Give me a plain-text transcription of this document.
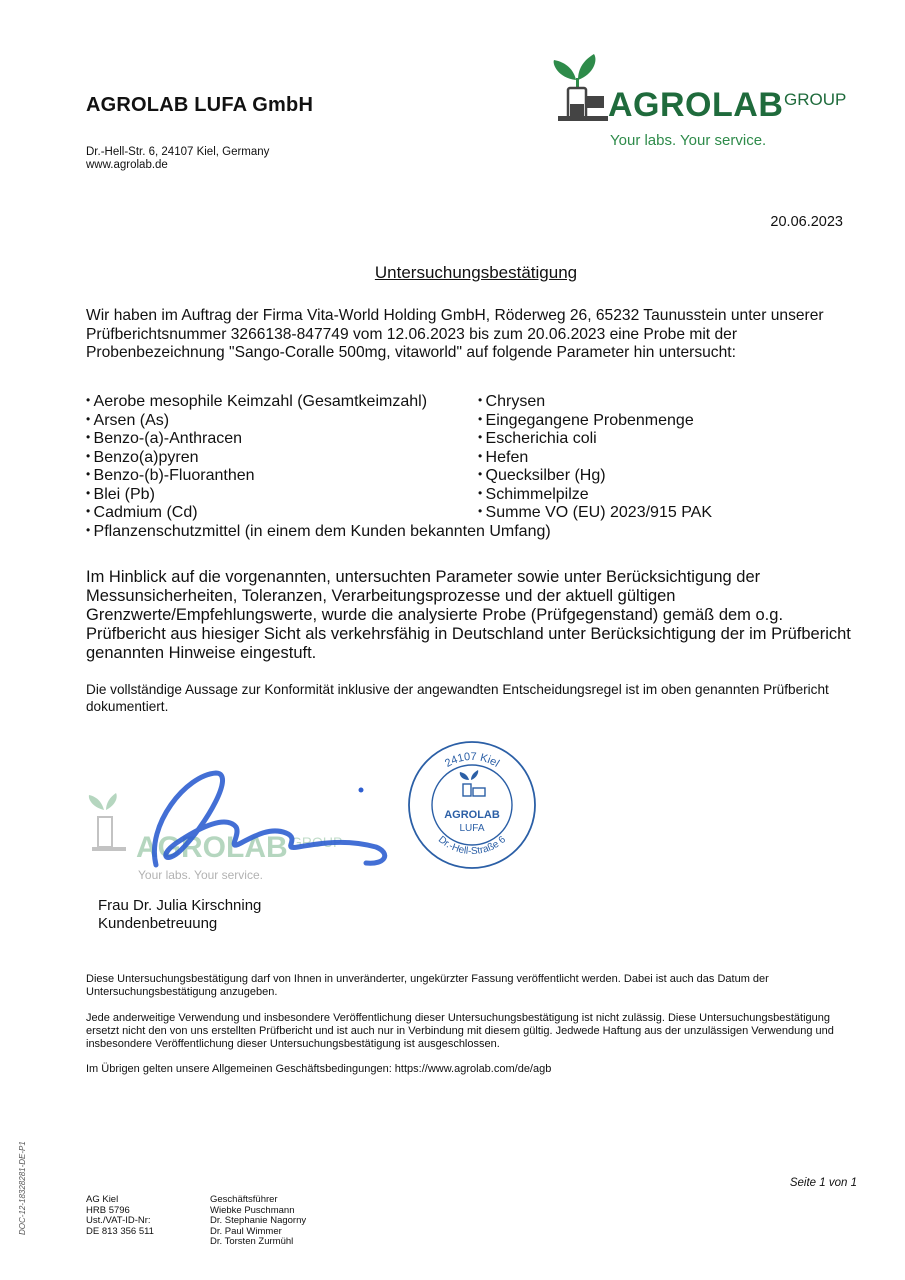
AGROLAB LUFA GmbH
Dr.-Hell-Str. 6, 24107 Kiel, Germany
www.agrolab.de
AGROLAB GROUP
Your labs. Your service.
20.06.2023
Untersuchungsbestätigung
Wir haben im Auftrag der Firma Vita-World Holding GmbH, Röderweg 26, 65232 Taunusstein unter unserer Prüfberichtsnummer 3266138-847749 vom 12.06.2023 bis zum 20.06.2023 eine Probe mit der Probenbezeichnung "Sango-Coralle 500mg, vitaworld" auf folgende Parameter hin untersucht:
• Aerobe mesophile Keimzahl (Gesamtkeimzahl)
• Arsen (As)
• Benzo-(a)-Anthracen
• Benzo(a)pyren
• Benzo-(b)-Fluoranthen
• Blei (Pb)
• Cadmium (Cd)
• Pflanzenschutzmittel (in einem dem Kunden bekannten Umfang)
• Chrysen
• Eingegangene Probenmenge
• Escherichia coli
• Hefen
• Quecksilber (Hg)
• Schimmelpilze
• Summe VO (EU) 2023/915 PAK
Im Hinblick auf die vorgenannten, untersuchten Parameter sowie unter Berücksichtigung der Messunsicherheiten, Toleranzen, Verarbeitungsprozesse und der aktuell gültigen Grenzwerte/Empfehlungswerte, wurde die analysierte Probe (Prüfgegenstand) gemäß dem o.g. Prüfbericht aus hiesiger Sicht als verkehrsfähig in Deutschland unter Berücksichtigung der im Prüfbericht genannten Hinweise eingestuft.
Die vollständige Aussage zur Konformität inklusive der angewandten Entscheidungsregel ist im oben genannten Prüfbericht dokumentiert.
AGROLAB GROUP
Your labs. Your service.
24107 Kiel
Dr.-Hell-Straße 6
AGROLAB
LUFA
Frau Dr. Julia Kirschning
Kundenbetreuung

Diese Untersuchungsbestätigung darf von Ihnen in unveränderter, ungekürzter Fassung veröffentlicht werden. Dabei ist auch das Datum der Untersuchungsbestätigung anzugeben.

Jede anderweitige Verwendung und insbesondere Veröffentlichung dieser Untersuchungsbestätigung ist nicht zulässig. Diese Untersuchungsbestätigung ersetzt nicht den von uns erstellten Prüfbericht und ist auch nur in Verbindung mit diesem gültig. Jedwede Haftung aus der unzulässigen Verwendung und insbesondere Veröffentlichung dieser Untersuchungsbestätigung ist ausgeschlossen.

Im Übrigen gelten unsere Allgemeinen Geschäftsbedingungen: https://www.agrolab.com/de/agb

DOC-12-18328281-DE-P1	Seite 1 von 1
AG Kiel
HRB 5796
Ust./VAT-ID-Nr:
DE 813 356 511
Geschäftsführer
Wiebke Puschmann
Dr. Stephanie Nagorny
Dr. Paul Wimmer
Dr. Torsten Zurmühl
